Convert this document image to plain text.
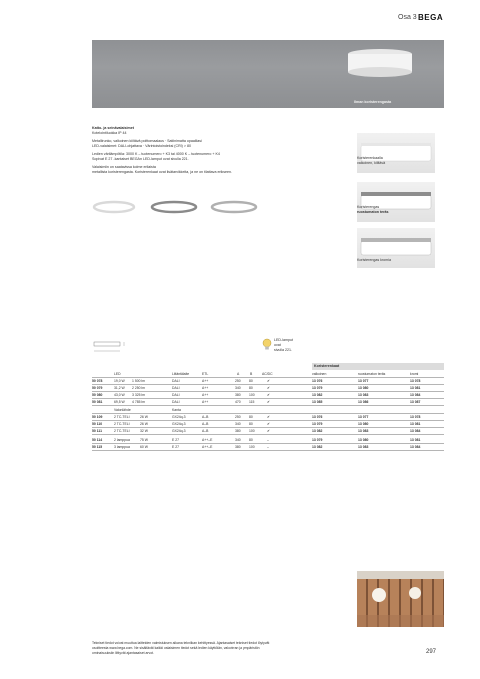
Osa 3 BEGA
Ilman koristerengasta
Katto- ja seinävalaisimet
Kotelointiluokka IP 44
Metallirunko, valkoinen kiiltävä polttomaalaus · Satiinimatta opaalilasi
LED-valaisimet: DALI-ohjattava · Värintoistoindeksi (CRI) > 80
Ledien värilämpötila: 3000 K – tuotenumero + K3 tai 4000 K – tuotenumero + K4
Sopivat E 27 -kantaiset BEGAn LED-lamput ovat sivulla 221.
Valaisimiin on saatavissa kolme erilaista
metallista koristerengasta. Koristerenkaat ovat lisätarvikkeita, ja ne on tilattava erikseen.
Koristerenkaalla
valkoinen, kiiltävä
Koristerengas
ruostumaton teräs
Koristerengas kromia
LED-lamput
ovat
sivulla 221.
Koristerenkaat
LED	Liitäntälaite	ETL	A	B	AC/DC	valkoinen	ruostumaton teräs	kromi
50 078	19,0 W 1 500 lm	DALI	A++	250 80	✔	13 076	13 077	13 078
50 079	31,2 W 2 250 lm	DALI	A++	340 80	✔	13 079	13 080	13 081
50 080	43,0 W 3 325 lm	DALI	A++	380 100	✔	13 082	13 083	13 084
50 081	69,5 W 4 785 lm	DALI	A++	470 115	✔	13 085	13 086	13 087
Valonlähde	Kanta
50 109	2 TC-TELI	26 W	GX24q-3	A–B	250 80	✔	13 076	13 077	13 078
50 110	2 TC-TELI	26 W	GX24q-3	A–B	340 80	✔	13 079	13 080	13 081
50 111	2 TC-TELI	32 W	GX24q-3	A–B	380 100	✔	13 082	13 083	13 084
50 114	2 lamppua	75 W	E 27	A++–E	340 80	–	13 079	13 080	13 081
50 115	3 lamppua	60 W	E 27	A++–E	380 100	–	13 082	13 083	13 084
Tekniset tiedot voivat muuttua laitteiden valmistuksen aikana tekniikan kehittyessä. Ajantasaiset tekniset tiedot löytyvät
osoitteesta www.bega.com. Ne sisältävät kaikki valaisimen tiedot sekä ledien käyttöiän, valovirran ja ympäristön
ominaisuuksiin liittyvät ajantasaiset arvot.	297
